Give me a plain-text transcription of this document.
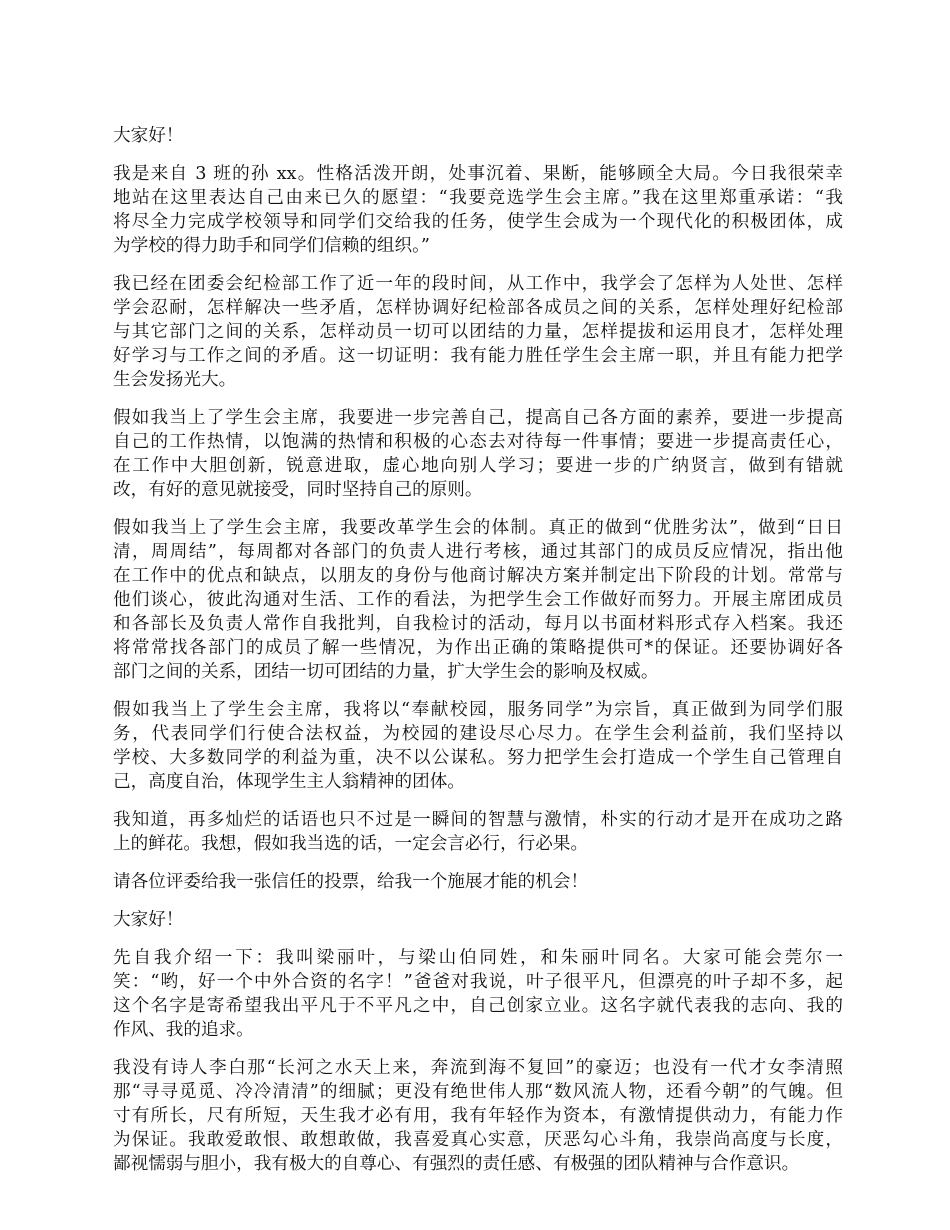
大家好！

我是来自 3 班的孙 xx。性格活泼开朗，处事沉着、果断，能够顾全大局。今日我很荣幸
地站在这里表达自己由来已久的愿望：“我要竞选学生会主席。”我在这里郑重承诺：“我
将尽全力完成学校领导和同学们交给我的任务，使学生会成为一个现代化的积极团体，成
为学校的得力助手和同学们信赖的组织。”

我已经在团委会纪检部工作了近一年的段时间，从工作中，我学会了怎样为人处世、怎样
学会忍耐，怎样解决一些矛盾，怎样协调好纪检部各成员之间的关系，怎样处理好纪检部
与其它部门之间的关系，怎样动员一切可以团结的力量，怎样提拔和运用良才，怎样处理
好学习与工作之间的矛盾。这一切证明：我有能力胜任学生会主席一职，并且有能力把学
生会发扬光大。

假如我当上了学生会主席，我要进一步完善自己，提高自己各方面的素养，要进一步提高
自己的工作热情，以饱满的热情和积极的心态去对待每一件事情；要进一步提高责任心，
在工作中大胆创新，锐意进取，虚心地向别人学习；要进一步的广纳贤言，做到有错就
改，有好的意见就接受，同时坚持自己的原则。

假如我当上了学生会主席，我要改革学生会的体制。真正的做到“优胜劣汰”，做到“日日
清，周周结”，每周都对各部门的负责人进行考核，通过其部门的成员反应情况，指出他
在工作中的优点和缺点，以朋友的身份与他商讨解决方案并制定出下阶段的计划。常常与
他们谈心，彼此沟通对生活、工作的看法，为把学生会工作做好而努力。开展主席团成员
和各部长及负责人常作自我批判，自我检讨的活动，每月以书面材料形式存入档案。我还
将常常找各部门的成员了解一些情况，为作出正确的策略提供可*的保证。还要协调好各
部门之间的关系，团结一切可团结的力量，扩大学生会的影响及权威。

假如我当上了学生会主席，我将以“奉献校园，服务同学”为宗旨，真正做到为同学们服
务，代表同学们行使合法权益，为校园的建设尽心尽力。在学生会利益前，我们坚持以
学校、大多数同学的利益为重，决不以公谋私。努力把学生会打造成一个学生自己管理自
己，高度自治，体现学生主人翁精神的团体。

我知道，再多灿烂的话语也只不过是一瞬间的智慧与激情，朴实的行动才是开在成功之路
上的鲜花。我想，假如我当选的话，一定会言必行，行必果。

请各位评委给我一张信任的投票，给我一个施展才能的机会！

大家好！

先自我介绍一下：我叫梁丽叶，与梁山伯同姓，和朱丽叶同名。大家可能会莞尔一
笑：“哟，好一个中外合资的名字！”爸爸对我说，叶子很平凡，但漂亮的叶子却不多，起
这个名字是寄希望我出平凡于不平凡之中，自己创家立业。这名字就代表我的志向、我的
作风、我的追求。

我没有诗人李白那“长河之水天上来，奔流到海不复回”的豪迈；也没有一代才女李清照
那“寻寻觅觅、冷冷清清”的细腻；更没有绝世伟人那“数风流人物，还看今朝”的气魄。但
寸有所长，尺有所短，天生我才必有用，我有年轻作为资本，有激情提供动力，有能力作
为保证。我敢爱敢恨、敢想敢做，我喜爱真心实意，厌恶勾心斗角，我崇尚高度与长度，
鄙视懦弱与胆小，我有极大的自尊心、有强烈的责任感、有极强的团队精神与合作意识。
